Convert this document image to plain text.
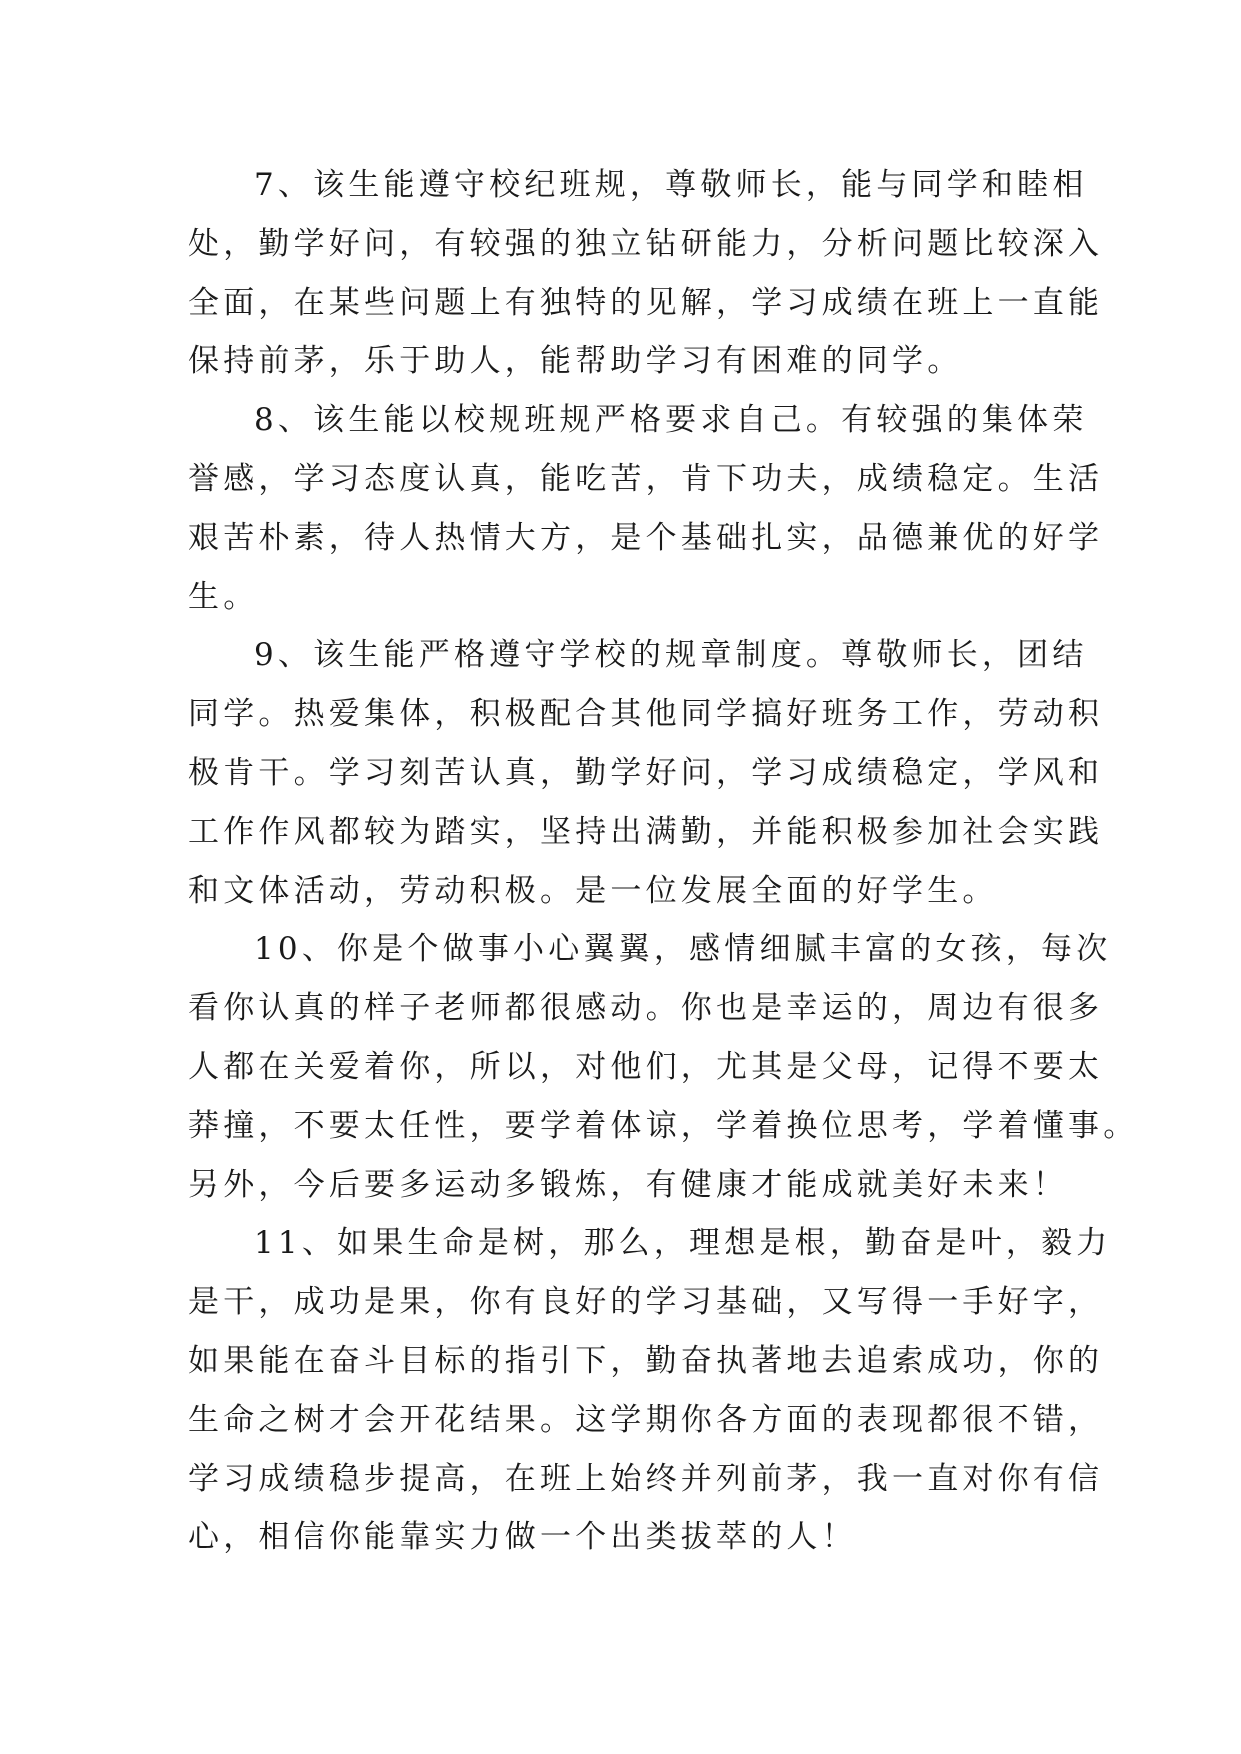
7、该生能遵守校纪班规，尊敬师长，能与同学和睦相
处，勤学好问，有较强的独立钻研能力，分析问题比较深入
全面，在某些问题上有独特的见解，学习成绩在班上一直能
保持前茅，乐于助人，能帮助学习有困难的同学。
8、该生能以校规班规严格要求自己。有较强的集体荣
誉感，学习态度认真，能吃苦，肯下功夫，成绩稳定。生活
艰苦朴素，待人热情大方，是个基础扎实，品德兼优的好学
生。
9、该生能严格遵守学校的规章制度。尊敬师长，团结
同学。热爱集体，积极配合其他同学搞好班务工作，劳动积
极肯干。学习刻苦认真，勤学好问，学习成绩稳定，学风和
工作作风都较为踏实，坚持出满勤，并能积极参加社会实践
和文体活动，劳动积极。是一位发展全面的好学生。
10、你是个做事小心翼翼，感情细腻丰富的女孩，每次
看你认真的样子老师都很感动。你也是幸运的，周边有很多
人都在关爱着你，所以，对他们，尤其是父母，记得不要太
莽撞，不要太任性，要学着体谅，学着换位思考，学着懂事。
另外，今后要多运动多锻炼，有健康才能成就美好未来！
11、如果生命是树，那么，理想是根，勤奋是叶，毅力
是干，成功是果，你有良好的学习基础，又写得一手好字，
如果能在奋斗目标的指引下，勤奋执著地去追索成功，你的
生命之树才会开花结果。这学期你各方面的表现都很不错，
学习成绩稳步提高，在班上始终并列前茅，我一直对你有信
心，相信你能靠实力做一个出类拔萃的人！
